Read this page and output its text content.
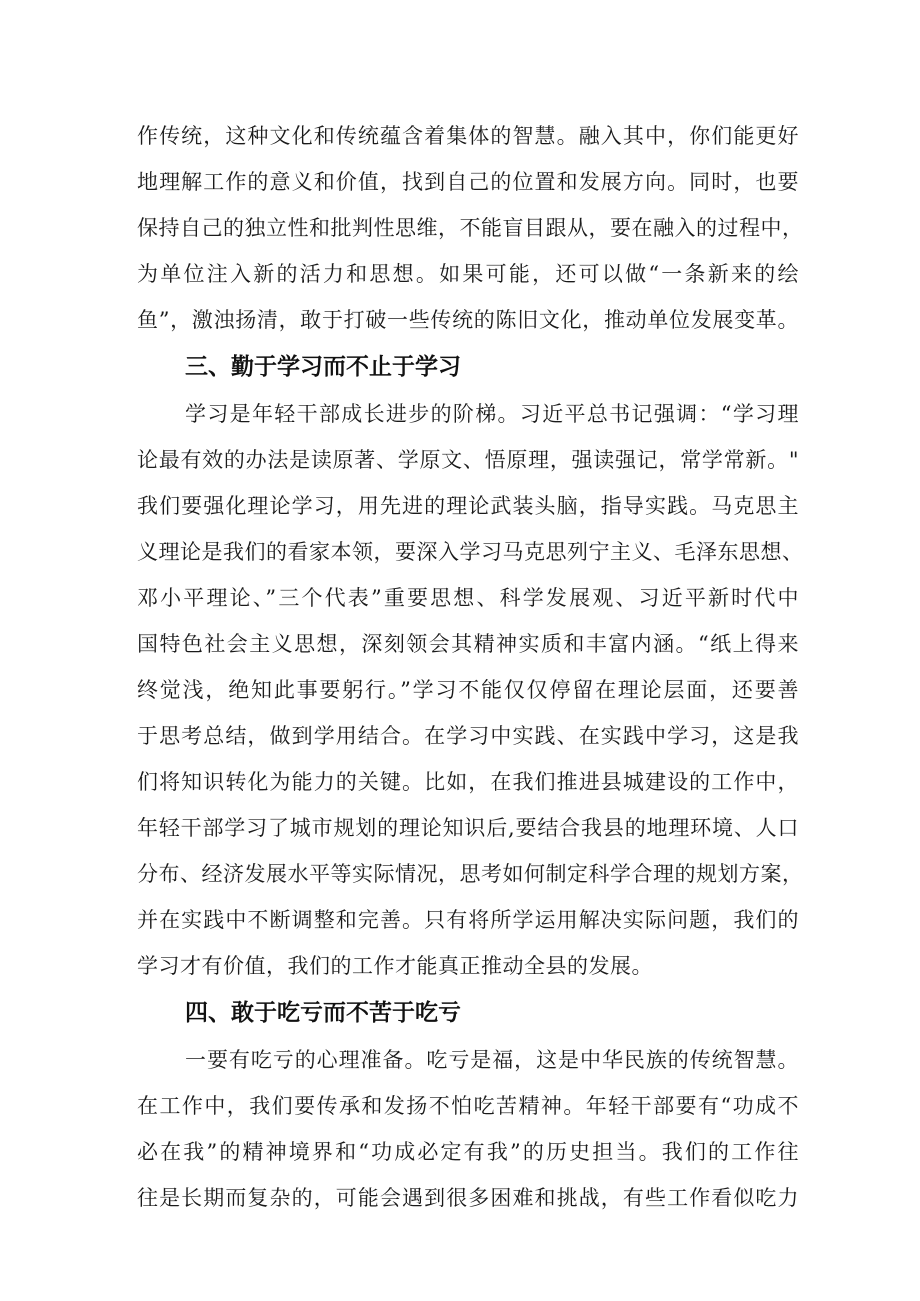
作传统，这种文化和传统蕴含着集体的智慧。融入其中，你们能更好
地理解工作的意义和价值，找到自己的位置和发展方向。同时，也要
保持自己的独立性和批判性思维，不能盲目跟从，要在融入的过程中，
为单位注入新的活力和思想。如果可能，还可以做“一条新来的绘
鱼”，激浊扬清，敢于打破一些传统的陈旧文化，推动单位发展变革。
三、勤于学习而不止于学习
学习是年轻干部成长进步的阶梯。习近平总书记强调：“学习理
论最有效的办法是读原著、学原文、悟原理，强读强记，常学常新。"
我们要强化理论学习，用先进的理论武装头脑，指导实践。马克思主
义理论是我们的看家本领，要深入学习马克思列宁主义、毛泽东思想、
邓小平理论、”三个代表”重要思想、科学发展观、习近平新时代中
国特色社会主义思想，深刻领会其精神实质和丰富内涵。“纸上得来
终觉浅，绝知此事要躬行。”学习不能仅仅停留在理论层面，还要善
于思考总结，做到学用结合。在学习中实践、在实践中学习，这是我
们将知识转化为能力的关键。比如，在我们推进县城建设的工作中，
年轻干部学习了城市规划的理论知识后,要结合我县的地理环境、人口
分布、经济发展水平等实际情况，思考如何制定科学合理的规划方案，
并在实践中不断调整和完善。只有将所学运用解决实际问题，我们的
学习才有价值，我们的工作才能真正推动全县的发展。
四、敢于吃亏而不苦于吃亏
一要有吃亏的心理准备。吃亏是福，这是中华民族的传统智慧。
在工作中，我们要传承和发扬不怕吃苦精神。年轻干部要有“功成不
必在我”的精神境界和“功成必定有我”的历史担当。我们的工作往
往是长期而复杂的，可能会遇到很多困难和挑战，有些工作看似吃力
